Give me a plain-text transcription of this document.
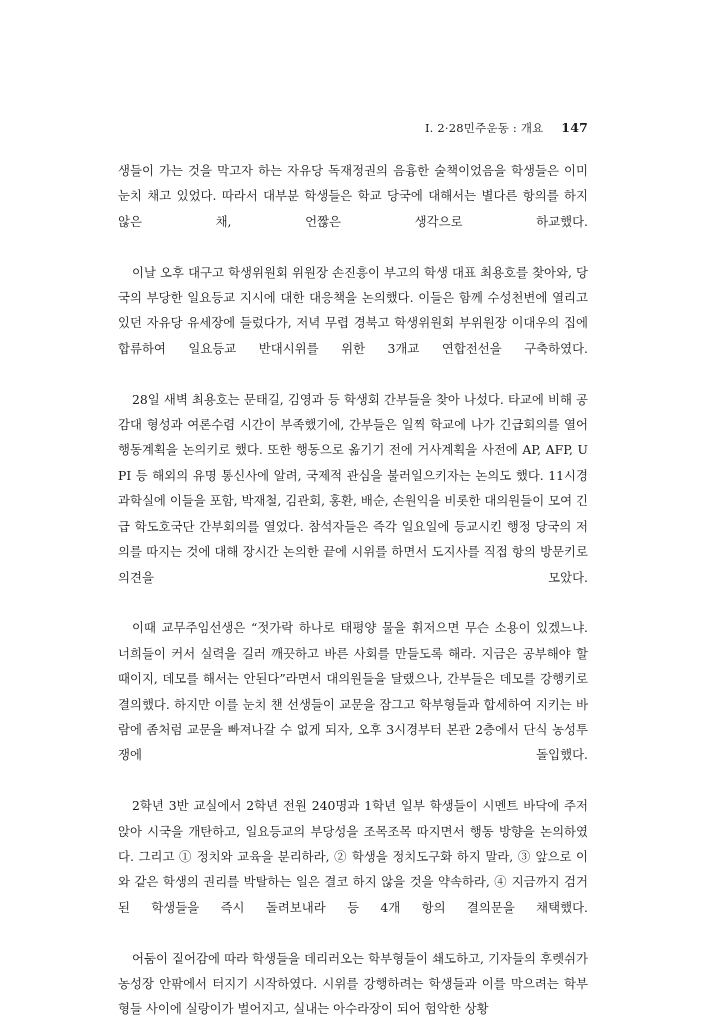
Ⅰ. 2·28민주운동 : 개요 147

생들이 가는 것을 막고자 하는 자유당 독재정권의 음흉한 술책이었음을 학생들은 이미 눈치 채고 있었다. 따라서 대부분 학생들은 학교 당국에 대해서는 별다른 항의를 하지 않은 채, 언짢은 생각으로 하교했다.

이날 오후 대구고 학생위원회 위원장 손진흥이 부고의 학생 대표 최용호를 찾아와, 당국의 부당한 일요등교 지시에 대한 대응책을 논의했다. 이들은 함께 수성천변에 열리고 있던 자유당 유세장에 들렀다가, 저녁 무렵 경북고 학생위원회 부위원장 이대우의 집에 합류하여 일요등교 반대시위를 위한 3개교 연합전선을 구축하였다.

28일 새벽 최용호는 문태길, 김영과 등 학생회 간부들을 찾아 나섰다. 타교에 비해 공감대 형성과 여론수렴 시간이 부족했기에, 간부들은 일찍 학교에 나가 긴급회의를 열어 행동계획을 논의키로 했다. 또한 행동으로 옮기기 전에 거사계획을 사전에 AP, AFP, UPI 등 해외의 유명 통신사에 알려, 국제적 관심을 불러일으키자는 논의도 했다. 11시경 과학실에 이들을 포함, 박재철, 김관회, 홍환, 배순, 손원익을 비롯한 대의원들이 모여 긴급 학도호국단 간부회의를 열었다. 참석자들은 즉각 일요일에 등교시킨 행정 당국의 저의를 따지는 것에 대해 장시간 논의한 끝에 시위를 하면서 도지사를 직접 항의 방문키로 의견을 모았다.

이때 교무주임선생은 “젓가락 하나로 태평양 물을 휘저으면 무슨 소용이 있겠느냐. 너희들이 커서 실력을 길러 깨끗하고 바른 사회를 만들도록 해라. 지금은 공부해야 할 때이지, 데모를 해서는 안된다”라면서 대의원들을 달랬으나, 간부들은 데모를 강행키로 결의했다. 하지만 이를 눈치 챈 선생들이 교문을 잠그고 학부형들과 합세하여 지키는 바람에 좀처럼 교문을 빠져나갈 수 없게 되자, 오후 3시경부터 본관 2층에서 단식 농성투쟁에 돌입했다.

2학년 3반 교실에서 2학년 전원 240명과 1학년 일부 학생들이 시멘트 바닥에 주저앉아 시국을 개탄하고, 일요등교의 부당성을 조목조목 따지면서 행동 방향을 논의하였다. 그리고 ① 정치와 교육을 분리하라, ② 학생을 정치도구화 하지 말라, ③ 앞으로 이와 같은 학생의 권리를 박탈하는 일은 결코 하지 않을 것을 약속하라, ④ 지금까지 검거된 학생들을 즉시 돌려보내라 등 4개 항의 결의문을 채택했다.

어둠이 짙어감에 따라 학생들을 데리러오는 학부형들이 쇄도하고, 기자들의 후렛쉬가 농성장 안팎에서 터지기 시작하였다. 시위를 강행하려는 학생들과 이를 막으려는 학부형들 사이에 실랑이가 벌어지고, 실내는 아수라장이 되어 험악한 상황
